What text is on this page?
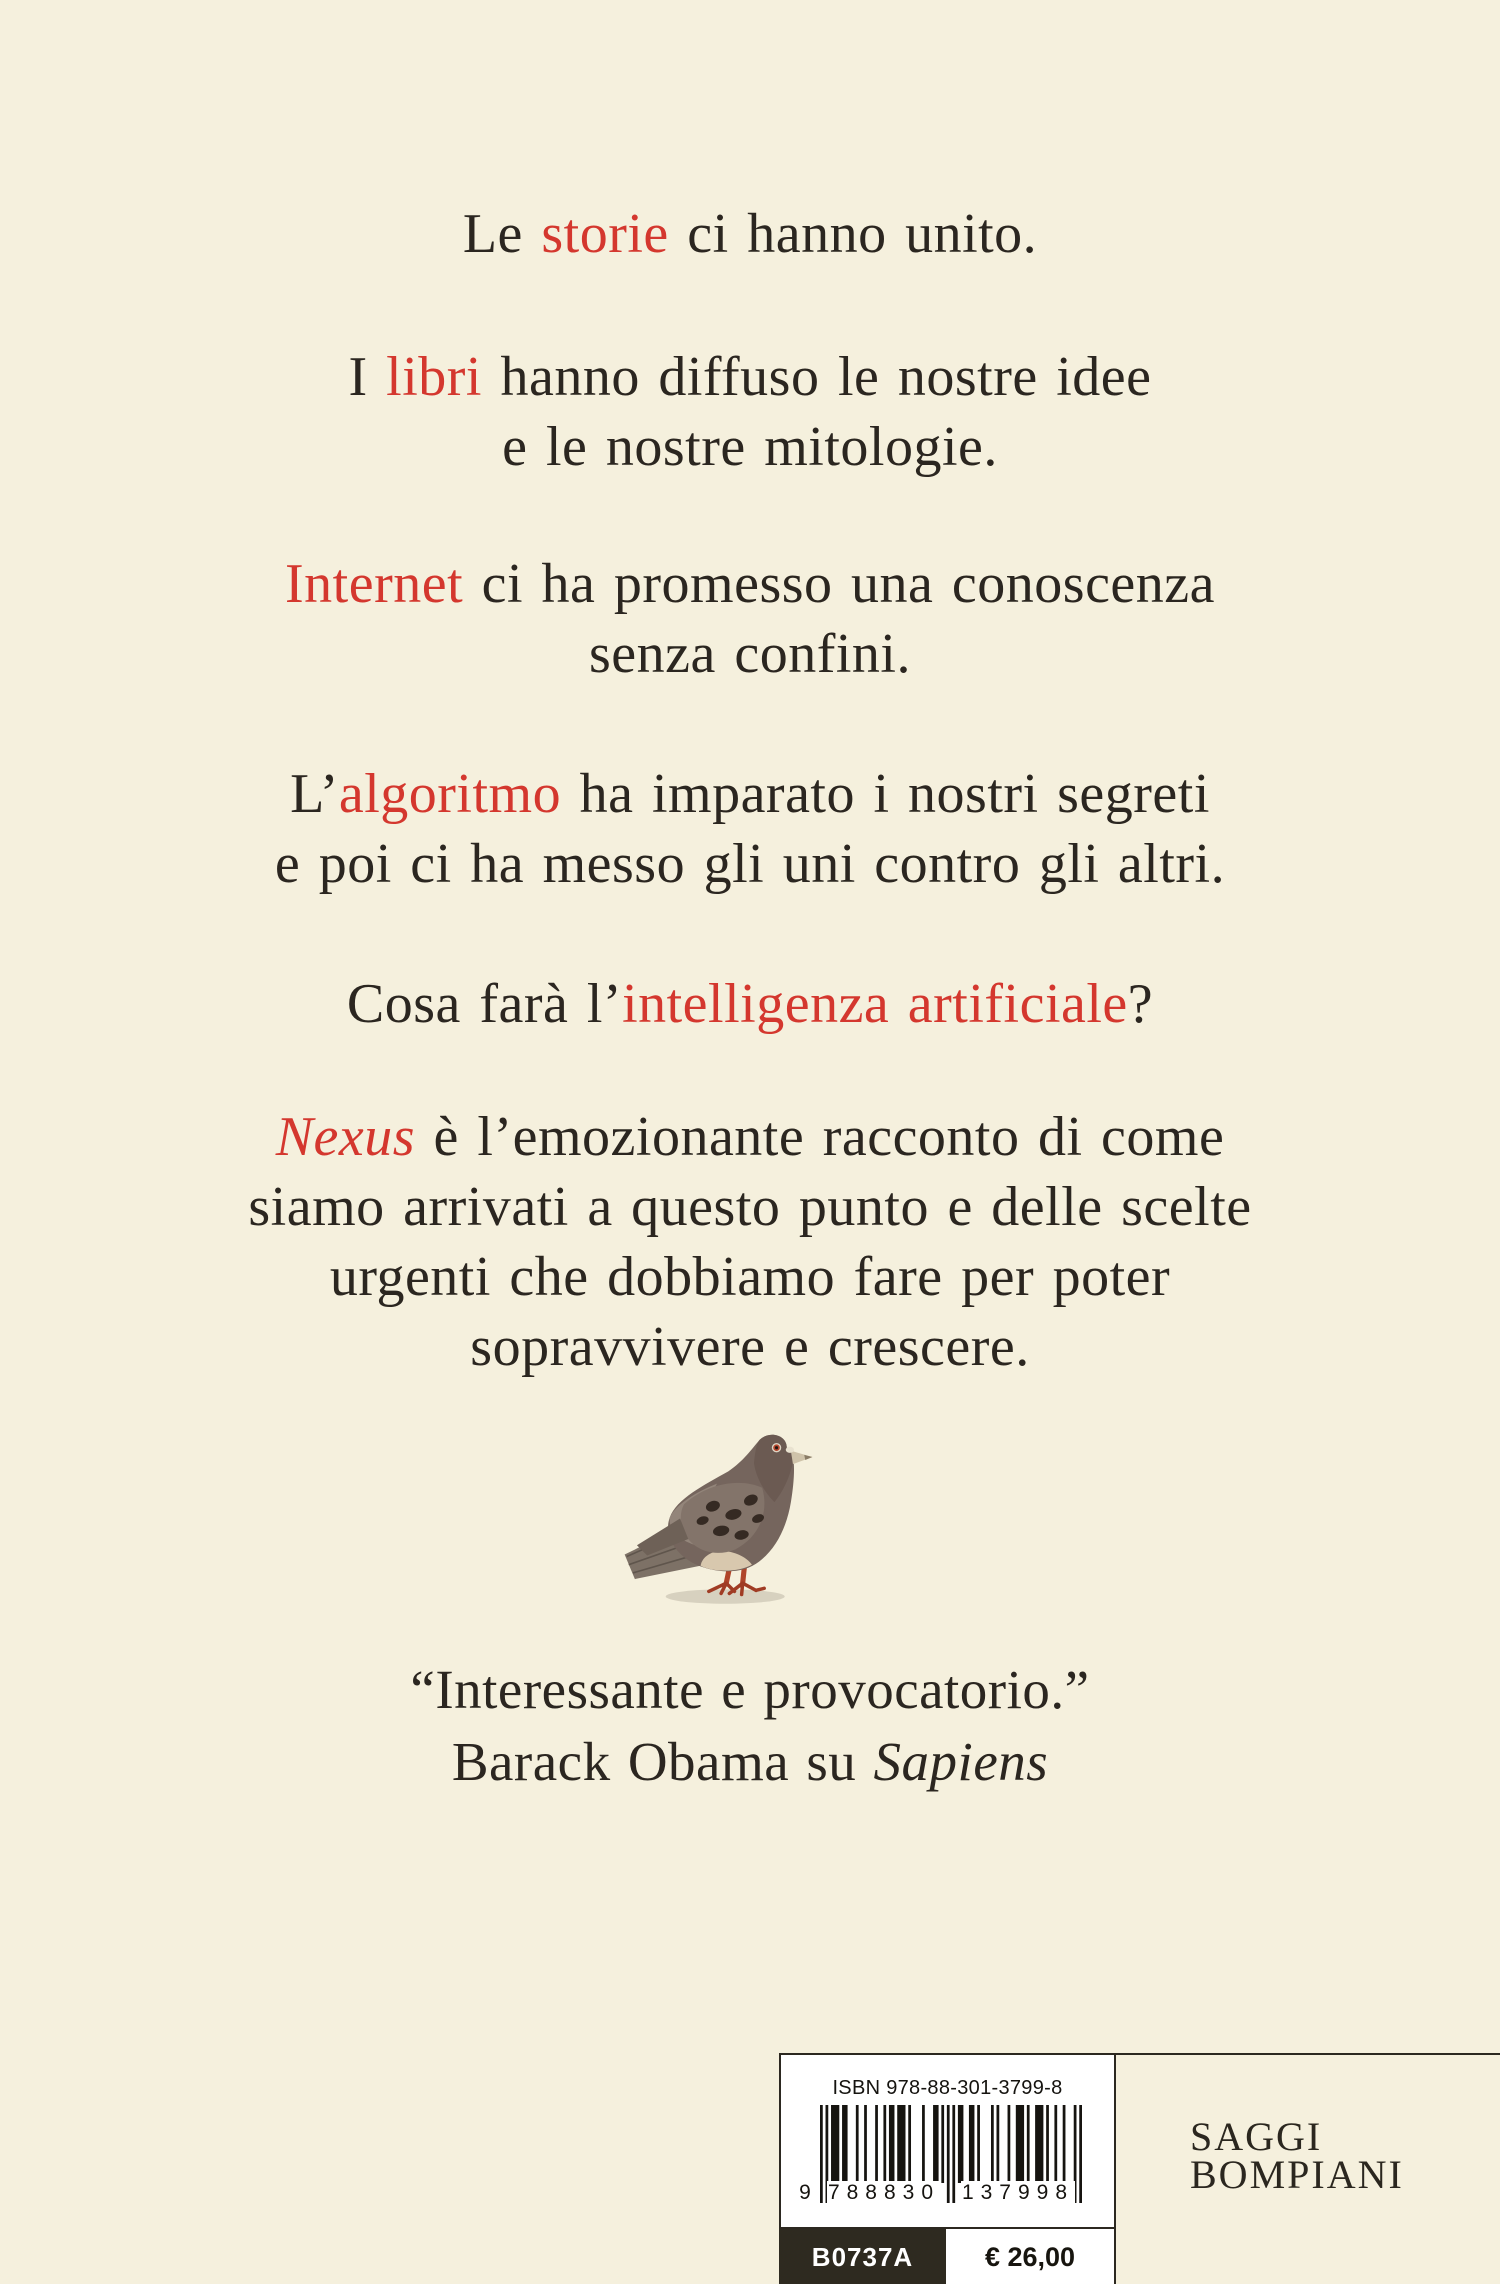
Le storie ci hanno unito.
I libri hanno diffuso le nostre idee
e le nostre mitologie.
Internet ci ha promesso una conoscenza
senza confini.
L’algoritmo ha imparato i nostri segreti
e poi ci ha messo gli uni contro gli altri.
Cosa farà l’intelligenza artificiale?
Nexus è l’emozionante racconto di come
siamo arrivati a questo punto e delle scelte
urgenti che dobbiamo fare per poter
sopravvivere e crescere.
“Interessante e provocatorio.”
Barack Obama su Sapiens
ISBN 978-88-301-3799-8
9 788830 137998
B0737A	€ 26,00
SAGGI
BOMPIANI
